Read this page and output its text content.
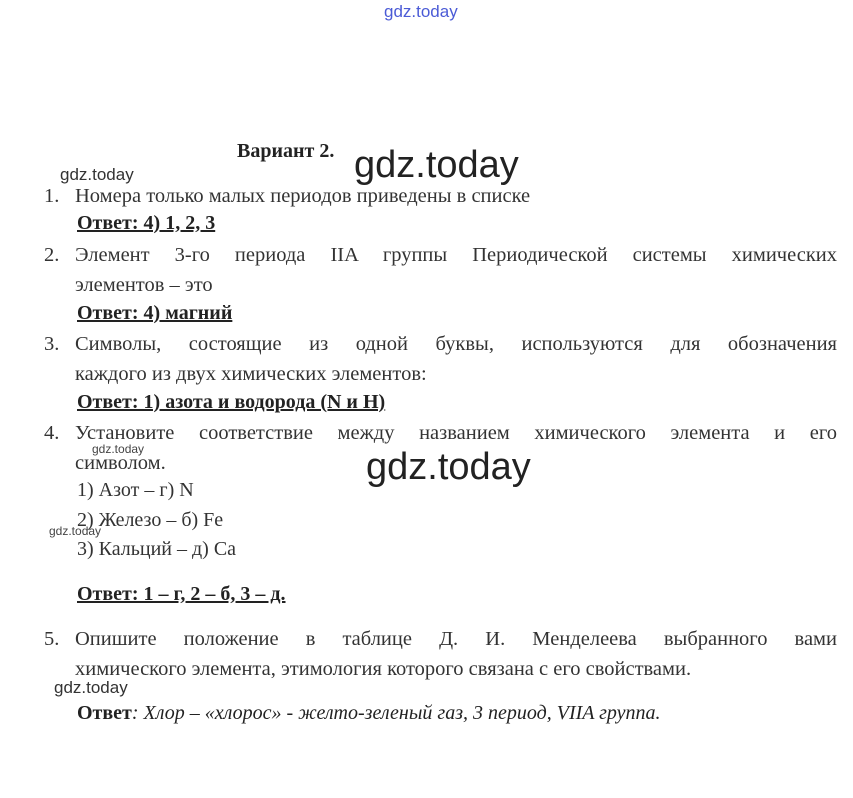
gdz.today
gdz.today	gdz.today
gdz.today	gdz.today
gdz.today
gdz.today
Вариант 2.
1. Номера только малых периодов приведены в списке
Ответ: 4) 1, 2, 3
2. Элемент 3-го периода IIA группы Периодической системы химических
элементов – это
Ответ: 4) магний
3. Символы, состоящие из одной буквы, используются для обозначения
каждого из двух химических элементов:
Ответ: 1) азота и водорода (N и H)
4. Установите соответствие между названием химического элемента и его
символом.
1) Азот – г) N
2) Железо – б) Fe
3) Кальций – д) Ca
Ответ: 1 – г, 2 – б, 3 – д.
5. Опишите положение в таблице Д. И. Менделеева выбранного вами
химического элемента, этимология которого связана с его свойствами.
Ответ: Хлор – «хлорос» - желто-зеленый газ, 3 период, VIIA группа.
